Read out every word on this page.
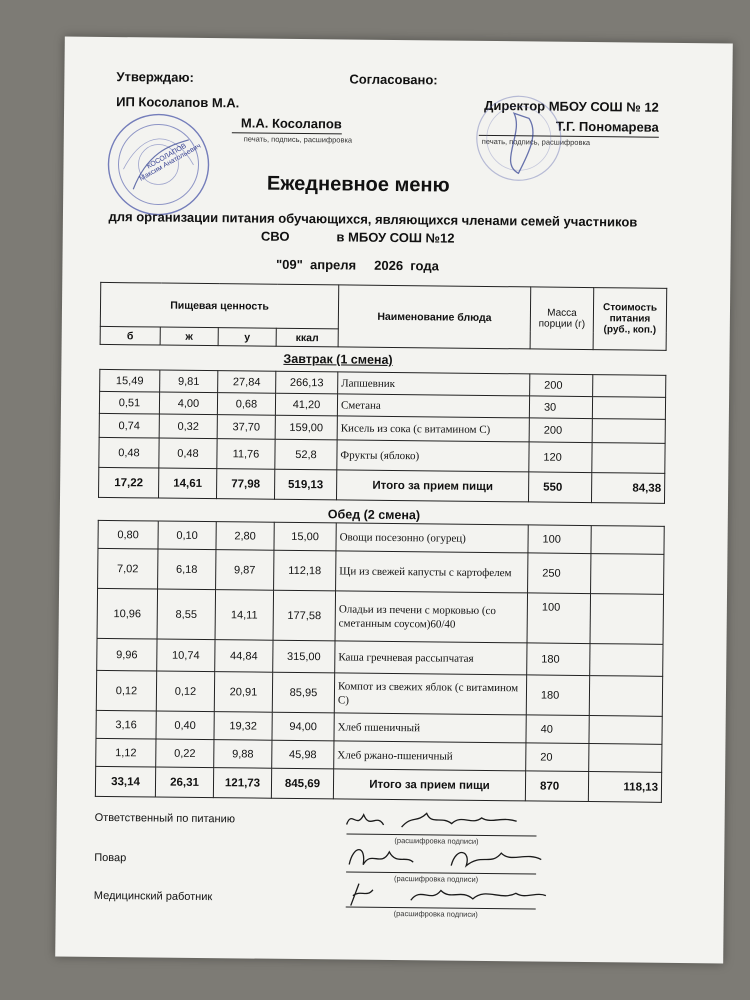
Утверждаю:
ИП Косолапов М.А.
М.А. Косолапов
печать, подпись, расшифровка
КОСОЛАПОВ Максим Анатольевич
Согласовано:
Директор МБОУ СОШ № 12
Т.Г. Пономарева
печать, подпись, расшифровка
Ежедневное меню
для организации питания обучающихся, являющихся членами семей участников
СВО             в МБОУ СОШ №12
"09"  апреля     2026  года
Пищевая ценность				Наименование блюда	Масса порции (г)	Стоимость питания (руб., коп.)
б	ж	у	ккал			
Завтрак (1 смена)
15,49	9,81	27,84	266,13	Лапшевник	200	
0,51	4,00	0,68	41,20	Сметана	30	
0,74	0,32	37,70	159,00	Кисель из сока (с витамином С)	200	
0,48	0,48	11,76	52,8	Фрукты (яблоко)	120	
17,22	14,61	77,98	519,13	Итого за прием пищи	550	84,38
Обед (2 смена)
0,80	0,10	2,80	15,00	Овощи посезонно (огурец)	100	
7,02	6,18	9,87	112,18	Щи из свежей капусты с картофелем	250	
10,96	8,55	14,11	177,58	Оладьи из печени с морковью (со сметанным соусом)60/40	100	
9,96	10,74	44,84	315,00	Каша гречневая рассыпчатая	180	
0,12	0,12	20,91	85,95	Компот из свежих яблок (с витамином С)	180	
3,16	0,40	19,32	94,00	Хлеб пшеничный	40	
1,12	0,22	9,88	45,98	Хлеб ржано-пшеничный	20	
33,14	26,31	121,73	845,69	Итого за прием пищи	870	118,13
Ответственный по питанию
(расшифровка подписи)
Повар
(расшифровка подписи)
Медицинский работник
(расшифровка подписи)
